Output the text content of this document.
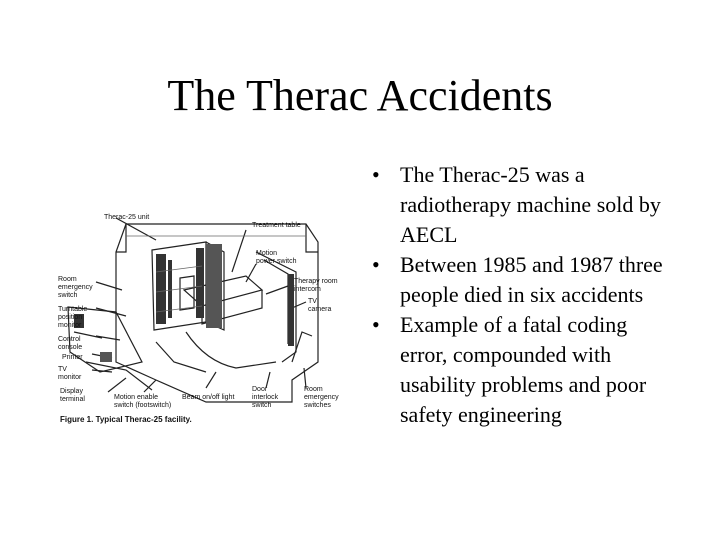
The Therac Accidents
Therac-25 unit
Treatment table
Motion
power switch
Therapy room
intercom
TV
camera
Room
emergency
switch
Turntable
position
monitor
Control
console
Printer
TV
monitor
Display
terminal	Motion enable
switch (footswitch)
Beam on/off light
Door
interlock
switch
Room
emergency
switches
Figure 1. Typical Therac-25 facility.
• The Therac-25 was a radiotherapy machine sold by AECL
• Between 1985 and 1987 three people died in six accidents
• Example of a fatal coding error, compounded with usability problems and poor safety engineering
